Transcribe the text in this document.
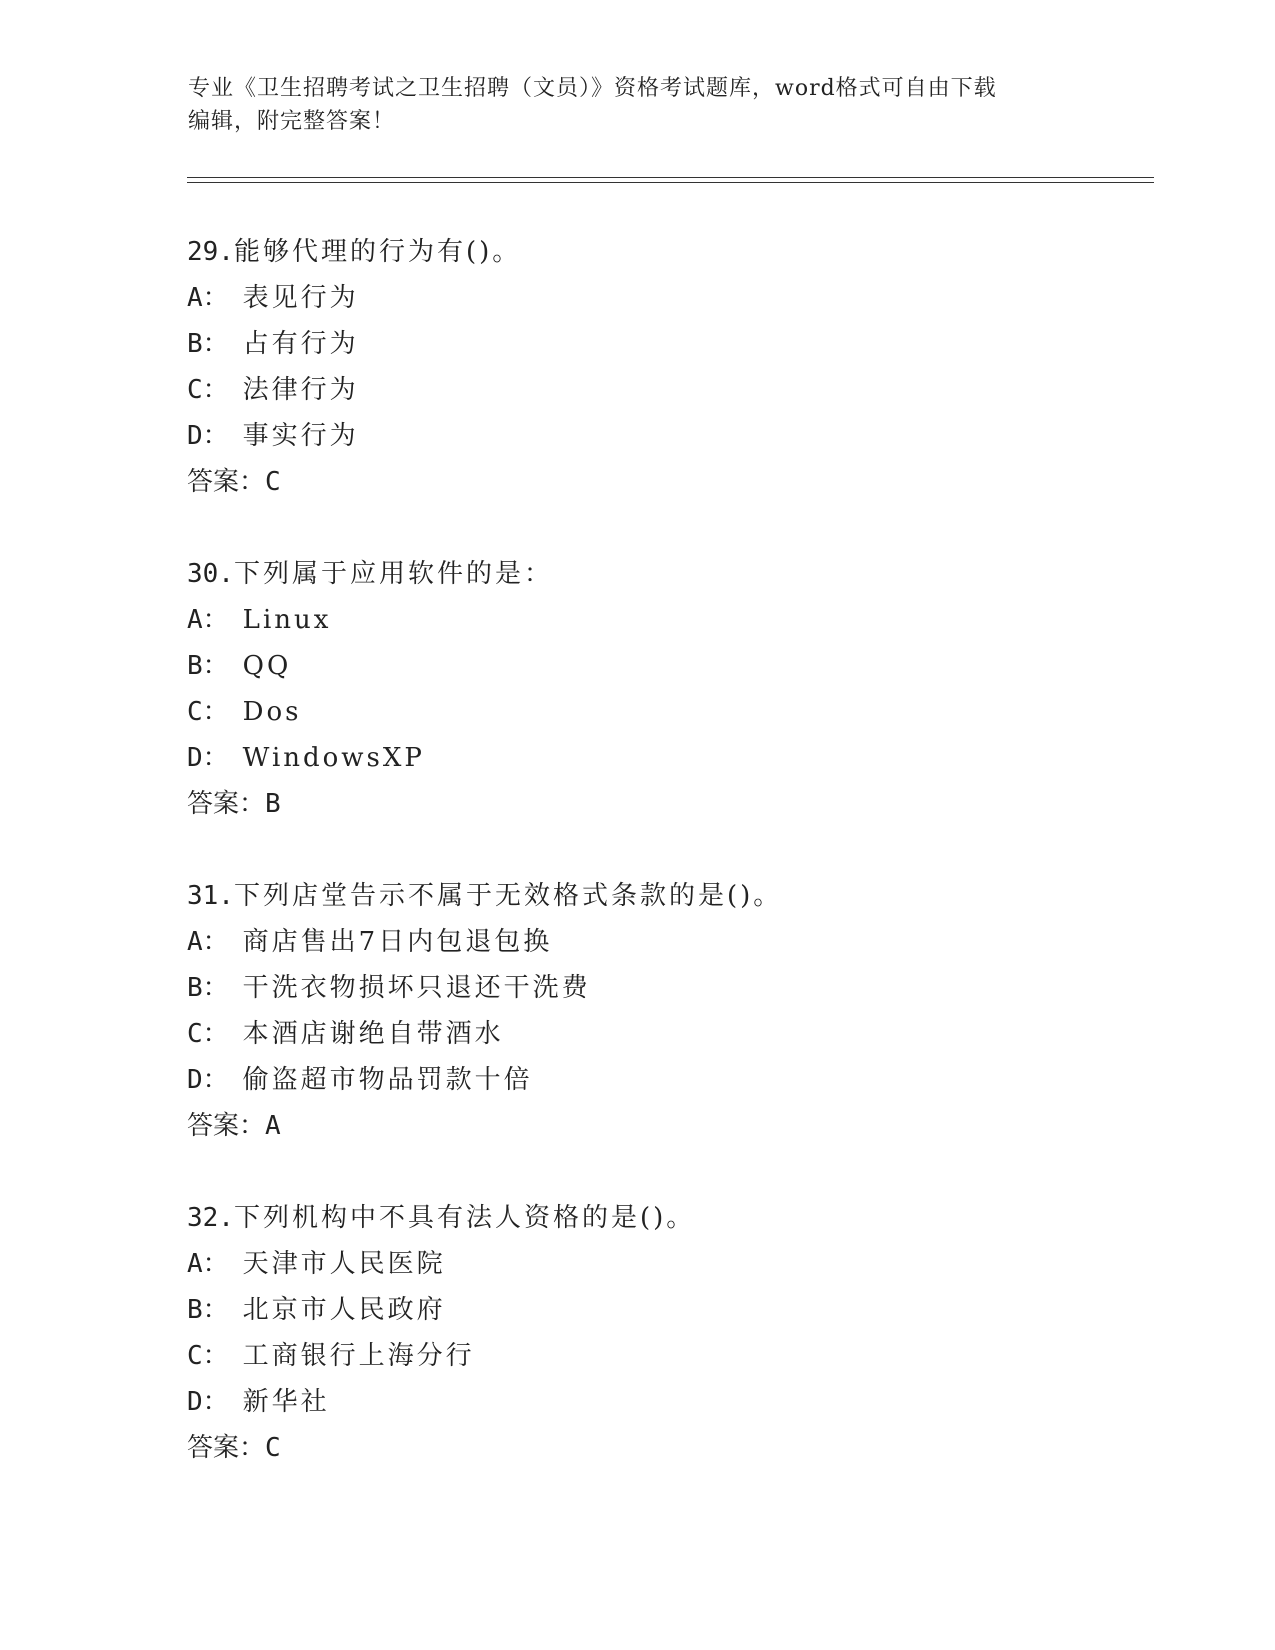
专业《卫生招聘考试之卫生招聘（文员）》资格考试题库，word格式可自由下载
编辑，附完整答案！
29.能够代理的行为有()。
A： 表见行为
B： 占有行为
C： 法律行为
D： 事实行为
答案：C
30.下列属于应用软件的是：
A： Linux
B： QQ
C： Dos
D： WindowsXP
答案：B
31.下列店堂告示不属于无效格式条款的是()。
A： 商店售出7日内包退包换
B： 干洗衣物损坏只退还干洗费
C： 本酒店谢绝自带酒水
D： 偷盗超市物品罚款十倍
答案：A
32.下列机构中不具有法人资格的是()。
A： 天津市人民医院
B： 北京市人民政府
C： 工商银行上海分行
D： 新华社
答案：C
